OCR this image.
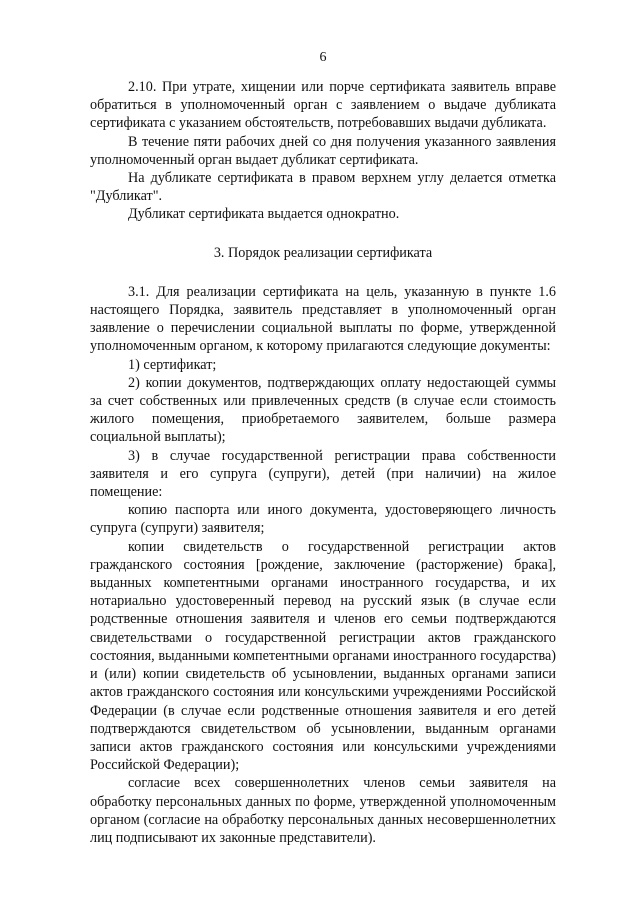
6

2.10. При утрате, хищении или порче сертификата заявитель вправе обратиться в уполномоченный орган с заявлением о выдаче дубликата сертификата с указанием обстоятельств, потребовавших выдачи дубликата.

В течение пяти рабочих дней со дня получения указанного заявления уполномоченный орган выдает дубликат сертификата.

На дубликате сертификата в правом верхнем углу делается отметка "Дубликат".

Дубликат сертификата выдается однократно.

3. Порядок реализации сертификата

3.1. Для реализации сертификата на цель, указанную в пункте 1.6 настоящего Порядка, заявитель представляет в уполномоченный орган заявление о перечислении социальной выплаты по форме, утвержденной уполномоченным органом, к которому прилагаются следующие документы:

1) сертификат;

2) копии документов, подтверждающих оплату недостающей суммы за счет собственных или привлеченных средств (в случае если стоимость жилого помещения, приобретаемого заявителем, больше размера социальной выплаты);

3) в случае государственной регистрации права собственности заявителя и его супруга (супруги), детей (при наличии) на жилое помещение:

копию паспорта или иного документа, удостоверяющего личность супруга (супруги) заявителя;

копии свидетельств о государственной регистрации актов гражданского состояния [рождение, заключение (расторжение) брака], выданных компетентными органами иностранного государства, и их нотариально удостоверенный перевод на русский язык (в случае если родственные отношения заявителя и членов его семьи подтверждаются свидетельствами о государственной регистрации актов гражданского состояния, выданными компетентными органами иностранного государства) и (или) копии свидетельств об усыновлении, выданных органами записи актов гражданского состояния или консульскими учреждениями Российской Федерации (в случае если родственные отношения заявителя и его детей подтверждаются свидетельством об усыновлении, выданным органами записи актов гражданского состояния или консульскими учреждениями Российской Федерации);

согласие всех совершеннолетних членов семьи заявителя на обработку персональных данных по форме, утвержденной уполномоченным органом (согласие на обработку персональных данных несовершеннолетних лиц подписывают их законные представители).
